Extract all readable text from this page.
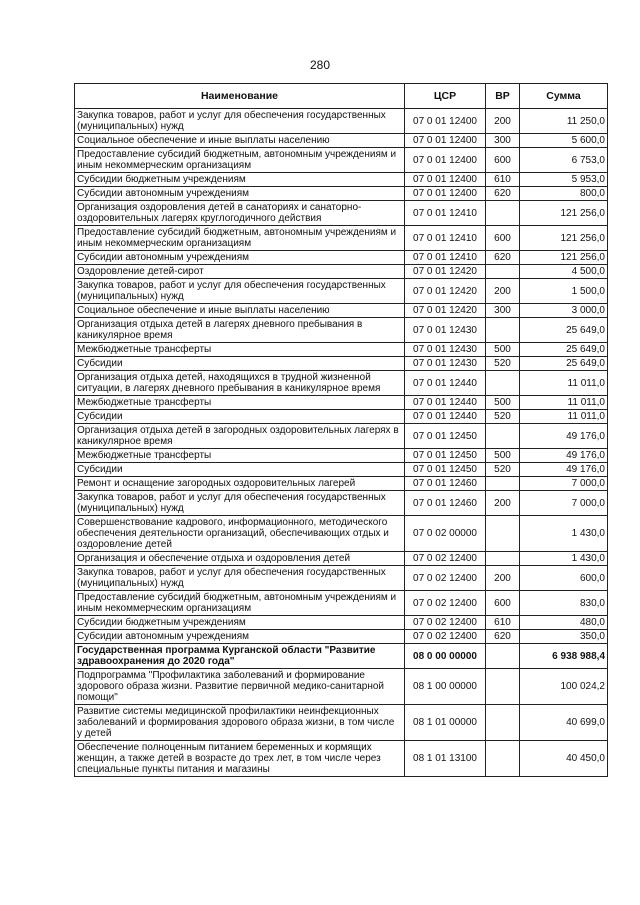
280
Наименование	ЦСР	ВР	Сумма
Закупка товаров, работ и услуг для обеспечения государственных (муниципальных) нужд	07 0 01 12400	200	11 250,0
Социальное обеспечение и иные выплаты населению	07 0 01 12400	300	5 600,0
Предоставление субсидий бюджетным, автономным учреждениям и иным некоммерческим организациям	07 0 01 12400	600	6 753,0
Субсидии бюджетным учреждениям	07 0 01 12400	610	5 953,0
Субсидии автономным учреждениям	07 0 01 12400	620	800,0
Организация оздоровления детей в санаториях и санаторно-оздоровительных лагерях круглогодичного действия	07 0 01 12410		121 256,0
Предоставление субсидий бюджетным, автономным учреждениям и иным некоммерческим организациям	07 0 01 12410	600	121 256,0
Субсидии автономным учреждениям	07 0 01 12410	620	121 256,0
Оздоровление детей-сирот	07 0 01 12420		4 500,0
Закупка товаров, работ и услуг для обеспечения государственных (муниципальных) нужд	07 0 01 12420	200	1 500,0
Социальное обеспечение и иные выплаты населению	07 0 01 12420	300	3 000,0
Организация отдыха детей в лагерях дневного пребывания в каникулярное время	07 0 01 12430		25 649,0
Межбюджетные трансферты	07 0 01 12430	500	25 649,0
Субсидии	07 0 01 12430	520	25 649,0
Организация отдыха детей, находящихся в трудной жизненной ситуации, в лагерях дневного пребывания в каникулярное время	07 0 01 12440		11 011,0
Межбюджетные трансферты	07 0 01 12440	500	11 011,0
Субсидии	07 0 01 12440	520	11 011,0
Организация отдыха детей в загородных оздоровительных лагерях в каникулярное время	07 0 01 12450		49 176,0
Межбюджетные трансферты	07 0 01 12450	500	49 176,0
Субсидии	07 0 01 12450	520	49 176,0
Ремонт и оснащение загородных оздоровительных лагерей	07 0 01 12460		7 000,0
Закупка товаров, работ и услуг для обеспечения государственных (муниципальных) нужд	07 0 01 12460	200	7 000,0
Совершенствование кадрового, информационного, методического обеспечения деятельности организаций, обеспечивающих отдых и оздоровление детей	07 0 02 00000		1 430,0
Организация и обеспечение отдыха и оздоровления детей	07 0 02 12400		1 430,0
Закупка товаров, работ и услуг для обеспечения государственных (муниципальных) нужд	07 0 02 12400	200	600,0
Предоставление субсидий бюджетным, автономным учреждениям и иным некоммерческим организациям	07 0 02 12400	600	830,0
Субсидии бюджетным учреждениям	07 0 02 12400	610	480,0
Субсидии автономным учреждениям	07 0 02 12400	620	350,0
Государственная программа Курганской области "Развитие здравоохранения до 2020 года"	08 0 00 00000		6 938 988,4
Подпрограмма "Профилактика заболеваний и формирование здорового образа жизни. Развитие первичной медико-санитарной помощи"	08 1 00 00000		100 024,2
Развитие системы медицинской профилактики неинфекционных заболеваний и формирования здорового образа жизни, в том числе у детей	08 1 01 00000		40 699,0
Обеспечение полноценным питанием беременных и кормящих женщин, а также детей в возрасте до трех лет, в том числе через специальные пункты питания и магазины	08 1 01 13100		40 450,0
